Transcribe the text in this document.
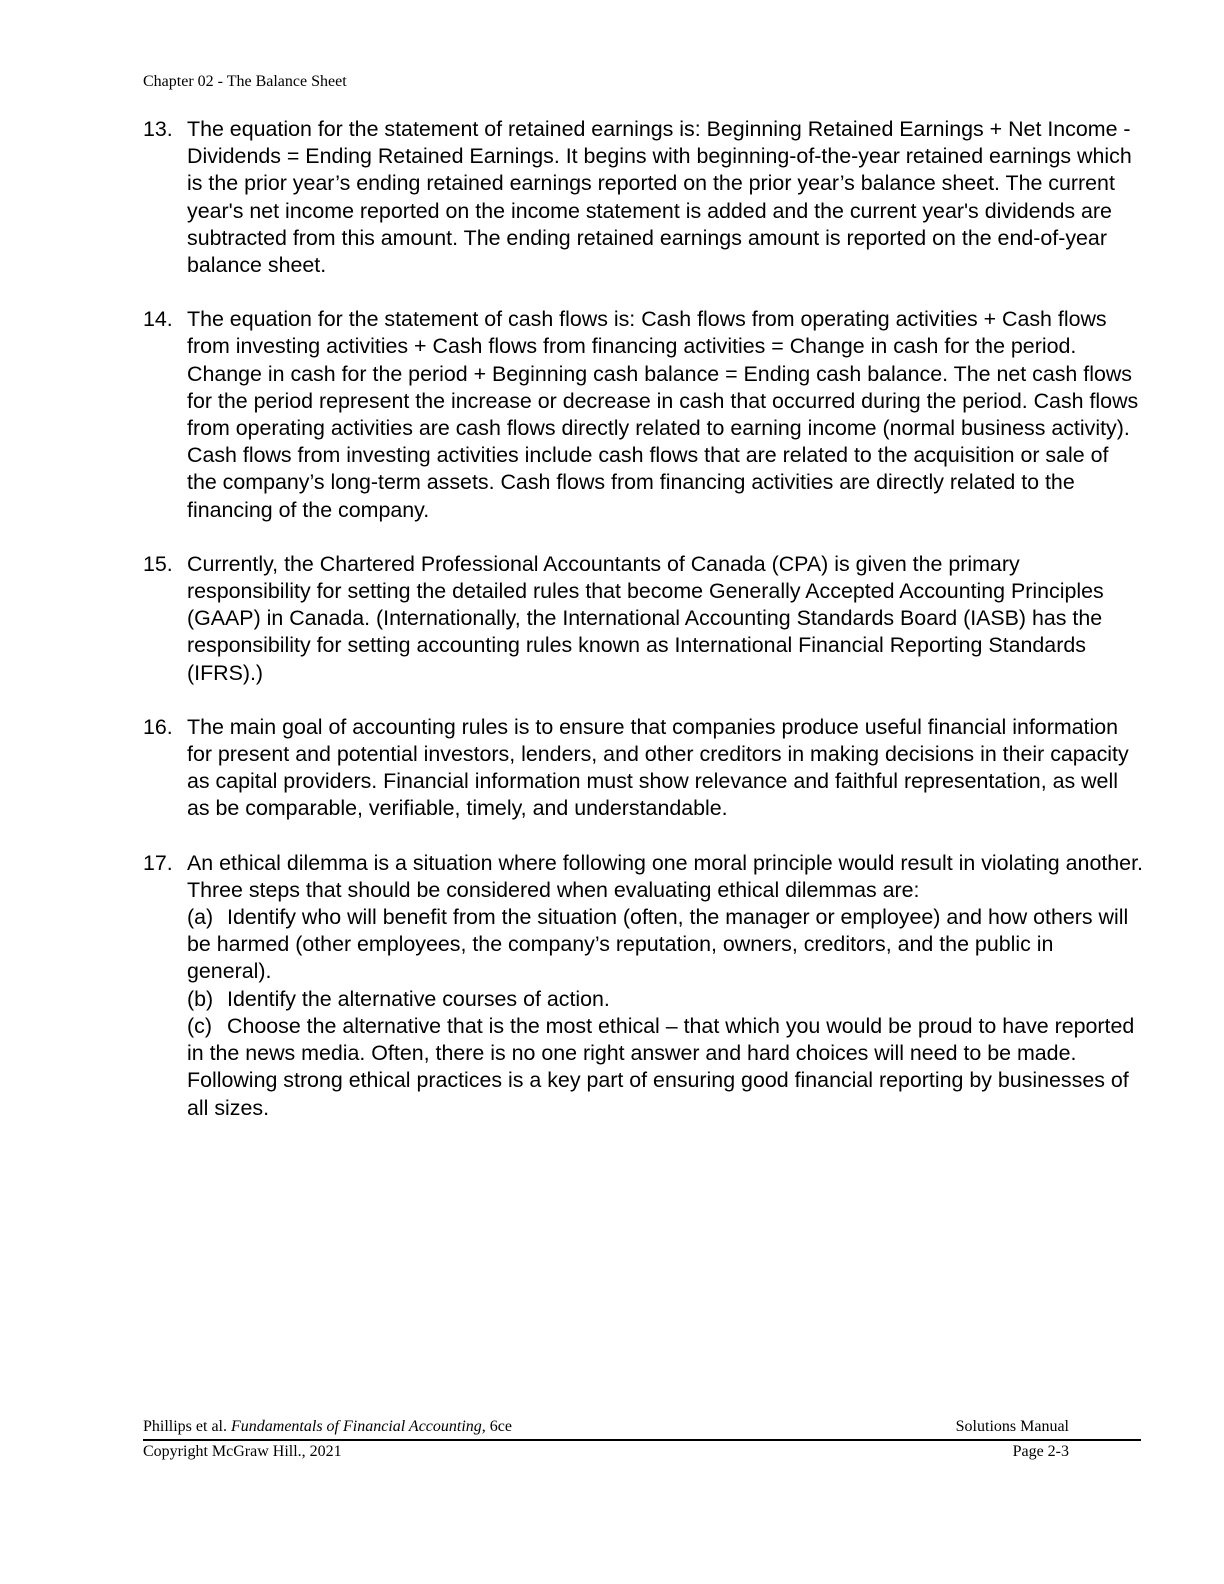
Chapter 02 - The Balance Sheet
13. The equation for the statement of retained earnings is: Beginning Retained Earnings + Net Income - Dividends = Ending Retained Earnings. It begins with beginning-of-the-year retained earnings which is the prior year’s ending retained earnings reported on the prior year’s balance sheet. The current year's net income reported on the income statement is added and the current year's dividends are subtracted from this amount. The ending retained earnings amount is reported on the end-of-year balance sheet.

14. The equation for the statement of cash flows is: Cash flows from operating activities + Cash flows from investing activities + Cash flows from financing activities = Change in cash for the period. Change in cash for the period + Beginning cash balance = Ending cash balance. The net cash flows for the period represent the increase or decrease in cash that occurred during the period. Cash flows from operating activities are cash flows directly related to earning income (normal business activity). Cash flows from investing activities include cash flows that are related to the acquisition or sale of the company’s long-term assets. Cash flows from financing activities are directly related to the financing of the company.

15. Currently, the Chartered Professional Accountants of Canada (CPA) is given the primary responsibility for setting the detailed rules that become Generally Accepted Accounting Principles (GAAP) in Canada. (Internationally, the International Accounting Standards Board (IASB) has the responsibility for setting accounting rules known as International Financial Reporting Standards (IFRS).)

16. The main goal of accounting rules is to ensure that companies produce useful financial information for present and potential investors, lenders, and other creditors in making decisions in their capacity as capital providers. Financial information must show relevance and faithful representation, as well as be comparable, verifiable, timely, and understandable.

17. An ethical dilemma is a situation where following one moral principle would result in violating another. Three steps that should be considered when evaluating ethical dilemmas are:

(a) Identify who will benefit from the situation (often, the manager or employee) and how others will be harmed (other employees, the company’s reputation, owners, creditors, and the public in general).

(b) Identify the alternative courses of action.

(c) Choose the alternative that is the most ethical – that which you would be proud to have reported in the news media. Often, there is no one right answer and hard choices will need to be made. Following strong ethical practices is a key part of ensuring good financial reporting by businesses of all sizes.

Phillips et al. Fundamentals of Financial Accounting, 6ce	Solutions Manual
Copyright McGraw Hill., 2021	Page 2-3
